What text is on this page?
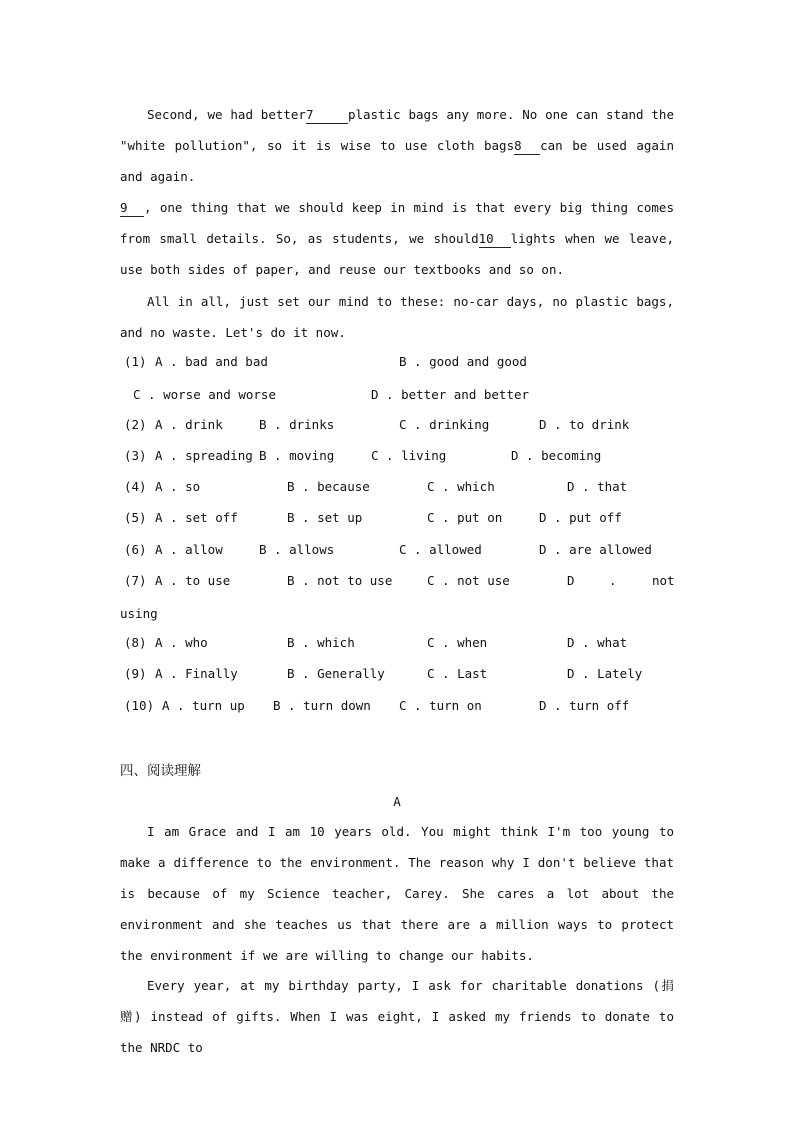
Second, we had better7	plastic bags any more. No one can stand the "white pollution", so it is wise to use cloth bags8 can be used again and again.
9 , one thing that we should keep in mind is that every big thing comes from small details. So, as students, we should10 lights when we leave, use both sides of paper, and reuse our textbooks and so on.
All in all, just set our mind to these: no-car days, no plastic bags, and no waste. Let's do it now.

(1)

A . bad and bad

	B . good and good

C . worse and worse

	D . better and better

(2)

A . drink

	B . drinks

	C . drinking

	D . to drink

(3)

A . spreading

B . moving

	C . living

	D . becoming

(4)

A . so

	B . because

	C . which

	D . that

(5)

A . set off

	B . set up

	C . put on

	D . put off

(6)

A . allow

	B . allows

	C . allowed

	D . are allowed

(7)

A . to use

	B . not to use

	C . not use

	D

	.

	not

using

(8)

A . who

	B . which

	C . when

	D . what

(9)

A . Finally

	B . Generally

	C . Last

	D . Lately

(10)

A . turn up

B . turn down

C . turn on

	D . turn off

四、阅读理解
A
I am Grace and I am 10 years old. You might think I'm too young to make a difference to the environment. The reason why I don't believe that is because of my Science teacher, Carey. She cares a lot about the environment and she teaches us that there are a million ways to protect the environment if we are willing to change our habits.
Every year, at my birthday party, I ask for charitable donations (捐赠) instead of gifts. When I was eight, I asked my friends to donate to the NRDC to
